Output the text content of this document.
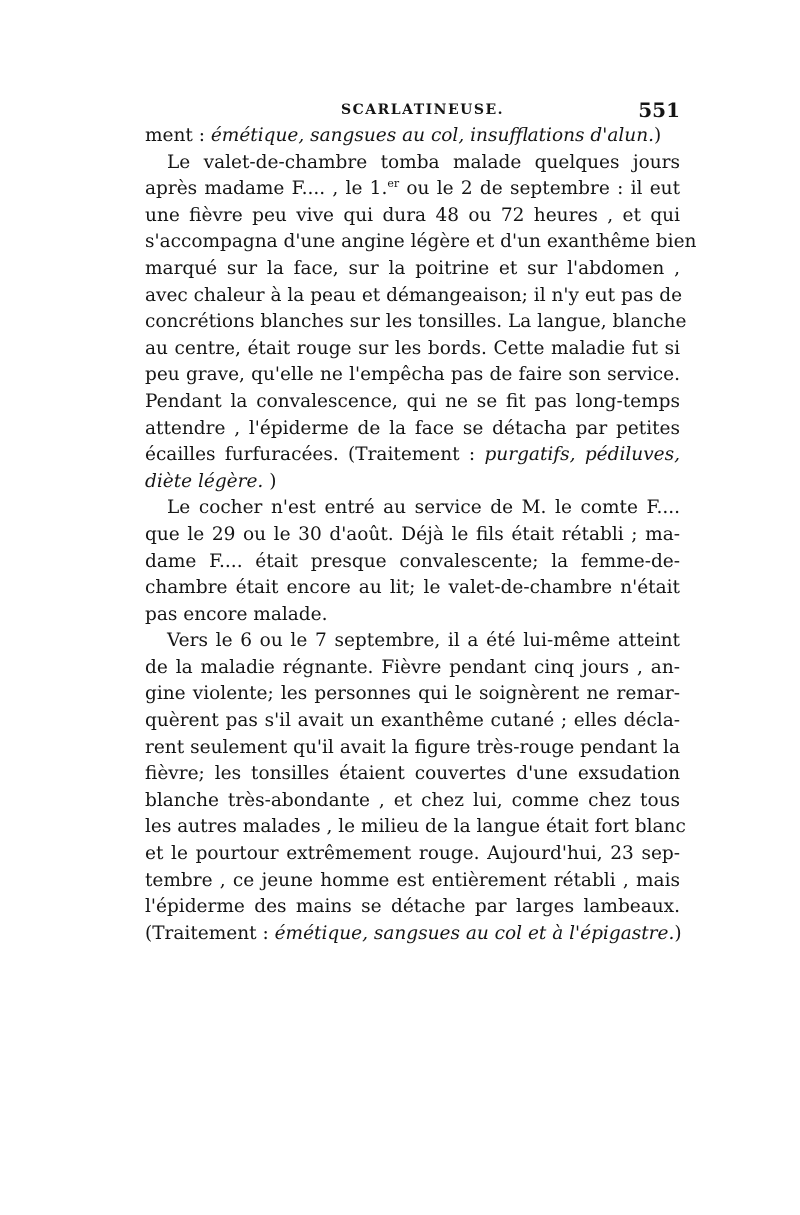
SCARLATINEUSE.	551
ment : émétique, sangsues au col, insufflations d'alun.)
Le valet-de-chambre tomba malade quelques jours
après madame F.... , le 1.$^{er}$ ou le 2 de septembre : il eut
une fièvre peu vive qui dura 48 ou 72 heures , et qui
s'accompagna d'une angine légère et d'un exanthême bien
marqué sur la face, sur la poitrine et sur l'abdomen ,
avec chaleur à la peau et démangeaison; il n'y eut pas de
concrétions blanches sur les tonsilles. La langue, blanche
au centre, était rouge sur les bords. Cette maladie fut si
peu grave, qu'elle ne l'empêcha pas de faire son service.
Pendant la convalescence, qui ne se fit pas long-temps
attendre , l'épiderme de la face se détacha par petites
écailles furfuracées. (Traitement : purgatifs, pédiluves,
diète légère. )
Le cocher n'est entré au service de M. le comte F....
que le 29 ou le 30 d'août. Déjà le fils était rétabli ; ma-
dame F.... était presque convalescente; la femme-de-
chambre était encore au lit; le valet-de-chambre n'était
pas encore malade.
Vers le 6 ou le 7 septembre, il a été lui-même atteint
de la maladie régnante. Fièvre pendant cinq jours , an-
gine violente; les personnes qui le soignèrent ne remar-
quèrent pas s'il avait un exanthême cutané ; elles décla-
rent seulement qu'il avait la figure très-rouge pendant la
fièvre; les tonsilles étaient couvertes d'une exsudation
blanche très-abondante , et chez lui, comme chez tous
les autres malades , le milieu de la langue était fort blanc
et le pourtour extrêmement rouge. Aujourd'hui, 23 sep-
tembre , ce jeune homme est entièrement rétabli , mais
l'épiderme des mains se détache par larges lambeaux.
(Traitement : émétique, sangsues au col et à l'épigastre.)
